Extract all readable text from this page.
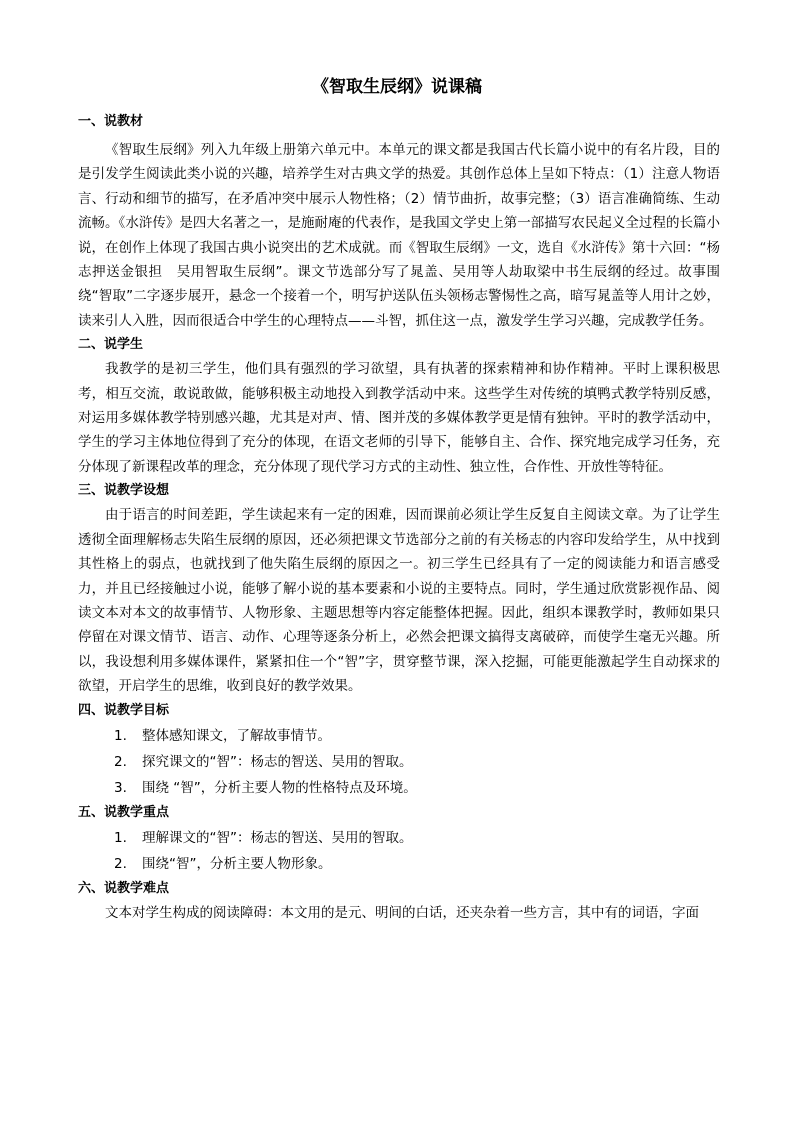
《智取生辰纲》说课稿

一、说教材

《智取生辰纲》列入九年级上册第六单元中。本单元的课文都是我国古代长篇小说中的有名片段，目的是引发学生阅读此类小说的兴趣，培养学生对古典文学的热爱。其创作总体上呈如下特点：（1）注意人物语言、行动和细节的描写，在矛盾冲突中展示人物性格；（2）情节曲折，故事完整；（3）语言准确简练、生动流畅。《水浒传》是四大名著之一，是施耐庵的代表作，是我国文学史上第一部描写农民起义全过程的长篇小说，在创作上体现了我国古典小说突出的艺术成就。而《智取生辰纲》一文，选自《水浒传》第十六回：“杨志押送金银担　吴用智取生辰纲”。课文节选部分写了晁盖、吴用等人劫取梁中书生辰纲的经过。故事围绕“智取”二字逐步展开，悬念一个接着一个，明写护送队伍头领杨志警惕性之高，暗写晁盖等人用计之妙，读来引人入胜，因而很适合中学生的心理特点——斗智，抓住这一点，激发学生学习兴趣，完成教学任务。

二、说学生

我教学的是初三学生，他们具有强烈的学习欲望，具有执著的探索精神和协作精神。平时上课积极思考，相互交流，敢说敢做，能够积极主动地投入到教学活动中来。这些学生对传统的填鸭式教学特别反感，对运用多媒体教学特别感兴趣，尤其是对声、情、图并茂的多媒体教学更是情有独钟。平时的教学活动中，学生的学习主体地位得到了充分的体现，在语文老师的引导下，能够自主、合作、探究地完成学习任务，充分体现了新课程改革的理念，充分体现了现代学习方式的主动性、独立性，合作性、开放性等特征。

三、说教学设想

由于语言的时间差距，学生读起来有一定的困难，因而课前必须让学生反复自主阅读文章。为了让学生透彻全面理解杨志失陷生辰纲的原因，还必须把课文节选部分之前的有关杨志的内容印发给学生，从中找到其性格上的弱点，也就找到了他失陷生辰纲的原因之一。初三学生已经具有了一定的阅读能力和语言感受力，并且已经接触过小说，能够了解小说的基本要素和小说的主要特点。同时，学生通过欣赏影视作品、阅读文本对本文的故事情节、人物形象、主题思想等内容定能整体把握。因此，组织本课教学时，教师如果只停留在对课文情节、语言、动作、心理等逐条分析上，必然会把课文搞得支离破碎，而使学生毫无兴趣。所以，我设想利用多媒体课件，紧紧扣住一个“智”字，贯穿整节课，深入挖掘，可能更能激起学生自动探求的欲望，开启学生的思维，收到良好的教学效果。

四、说教学目标

1.	整体感知课文，了解故事情节。
2.	探究课文的“智”：杨志的智送、吴用的智取。
3.	围绕 “智”，分析主要人物的性格特点及环境。

五、说教学重点

1.	理解课文的“智”：杨志的智送、吴用的智取。
2.	围绕“智”，分析主要人物形象。

六、说教学难点

文本对学生构成的阅读障碍：本文用的是元、明间的白话，还夹杂着一些方言，其中有的词语，字面
